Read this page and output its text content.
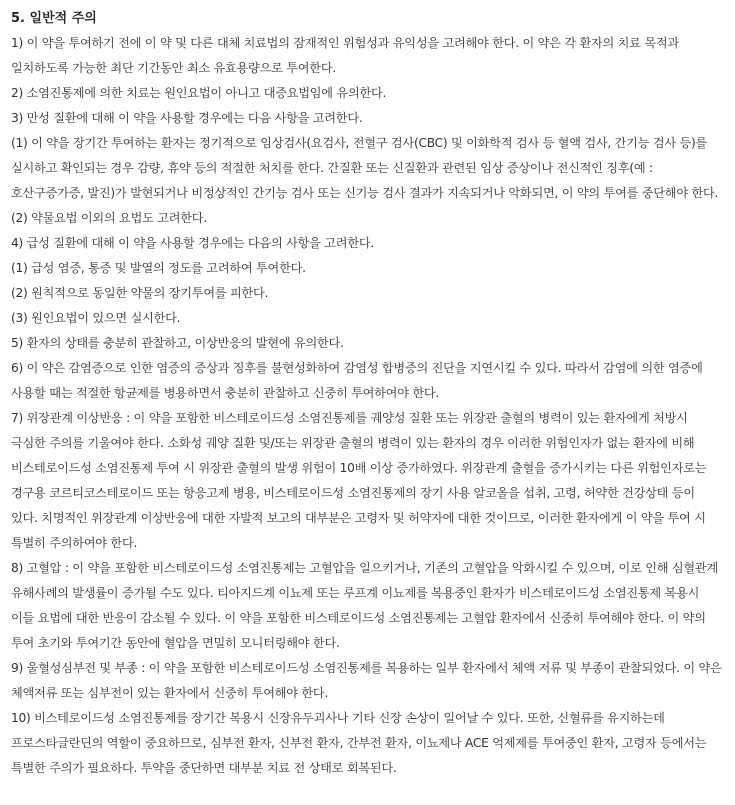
5. 일반적 주의

1) 이 약을 투여하기 전에 이 약 및 다른 대체 치료법의 잠재적인 위험성과 유익성을 고려해야 한다. 이 약은 각 환자의 치료 목적과 일치하도록 가능한 최단 기간동안 최소 유효용량으로 투여한다.

2) 소염진통제에 의한 치료는 원인요법이 아니고 대증요법임에 유의한다.

3) 만성 질환에 대해 이 약을 사용할 경우에는 다음 사항을 고려한다.

(1) 이 약을 장기간 투여하는 환자는 정기적으로 임상검사(요검사, 전혈구 검사(CBC) 및 이화학적 검사 등 혈액 검사, 간기능 검사 등)를 실시하고 확인되는 경우 감량, 휴약 등의 적절한 처치를 한다. 간질환 또는 신질환과 관련된 임상 증상이나 전신적인 징후(예 : 호산구증가증, 발진)가 발현되거나 비정상적인 간기능 검사 또는 신기능 검사 결과가 지속되거나 악화되면, 이 약의 투여를 중단해야 한다.

(2) 약물요법 이외의 요법도 고려한다.

4) 급성 질환에 대해 이 약을 사용할 경우에는 다음의 사항을 고려한다.

(1) 급성 염증, 통증 및 발열의 정도를 고려하여 투여한다.

(2) 원칙적으로 동일한 약물의 장기투여를 피한다.

(3) 원인요법이 있으면 실시한다.

5) 환자의 상태를 충분히 관찰하고, 이상반응의 발현에 유의한다.

6) 이 약은 감염증으로 인한 염증의 증상과 징후를 불현성화하여 감염성 합병증의 진단을 지연시킬 수 있다. 따라서 감염에 의한 염증에 사용할 때는 적절한 항균제를 병용하면서 충분히 관찰하고 신중히 투여하여야 한다.

7) 위장관계 이상반응 : 이 약을 포함한 비스테로이드성 소염진통제를 궤양성 질환 또는 위장관 출혈의 병력이 있는 환자에게 처방시 극심한 주의를 기울여야 한다. 소화성 궤양 질환 및/또는 위장관 출혈의 병력이 있는 환자의 경우 이러한 위험인자가 없는 환자에 비해 비스테로이드성 소염진통제 투여 시 위장관 출혈의 발생 위험이 10배 이상 증가하였다. 위장관계 출혈을 증가시키는 다른 위험인자로는 경구용 코르티코스테로이드 또는 항응고제 병용, 비스테로이드성 소염진통제의 장기 사용 알코올을 섭취, 고령, 허약한 건강상태 등이 있다. 치명적인 위장관계 이상반응에 대한 자발적 보고의 대부분은 고령자 및 허약자에 대한 것이므로, 이러한 환자에게 이 약을 투여 시 특별히 주의하여야 한다.

8) 고혈압 : 이 약을 포함한 비스테로이드성 소염진통제는 고혈압을 일으키거나, 기존의 고혈압을 악화시킬 수 있으며, 이로 인해 심혈관계 유해사례의 발생률이 증가될 수도 있다. 티아지드계 이뇨제 또는 루프계 이뇨제를 복용중인 환자가 비스테로이드성 소염진통제 복용시 이들 요법에 대한 반응이 감소될 수 있다. 이 약을 포함한 비스테로이드성 소염진통제는 고혈압 환자에서 신중히 투여해야 한다. 이 약의 투여 초기와 투여기간 동안에 혈압을 면밀히 모니터링해야 한다.

9) 울혈성심부전 및 부종 : 이 약을 포함한 비스테로이드성 소염진통제를 복용하는 일부 환자에서 체액 저류 및 부종이 관찰되었다. 이 약은 체액저류 또는 심부전이 있는 환자에서 신중히 투여해야 한다.

10) 비스테로이드성 소염진통제를 장기간 복용시 신장유두괴사나 기타 신장 손상이 일어날 수 있다. 또한, 신혈류를 유지하는데 프로스타글란딘의 역할이 중요하므로, 심부전 환자, 신부전 환자, 간부전 환자, 이뇨제나 ACE 억제제를 투여중인 환자, 고령자 등에서는 특별한 주의가 필요하다. 투약을 중단하면 대부분 치료 전 상태로 회복된다.
